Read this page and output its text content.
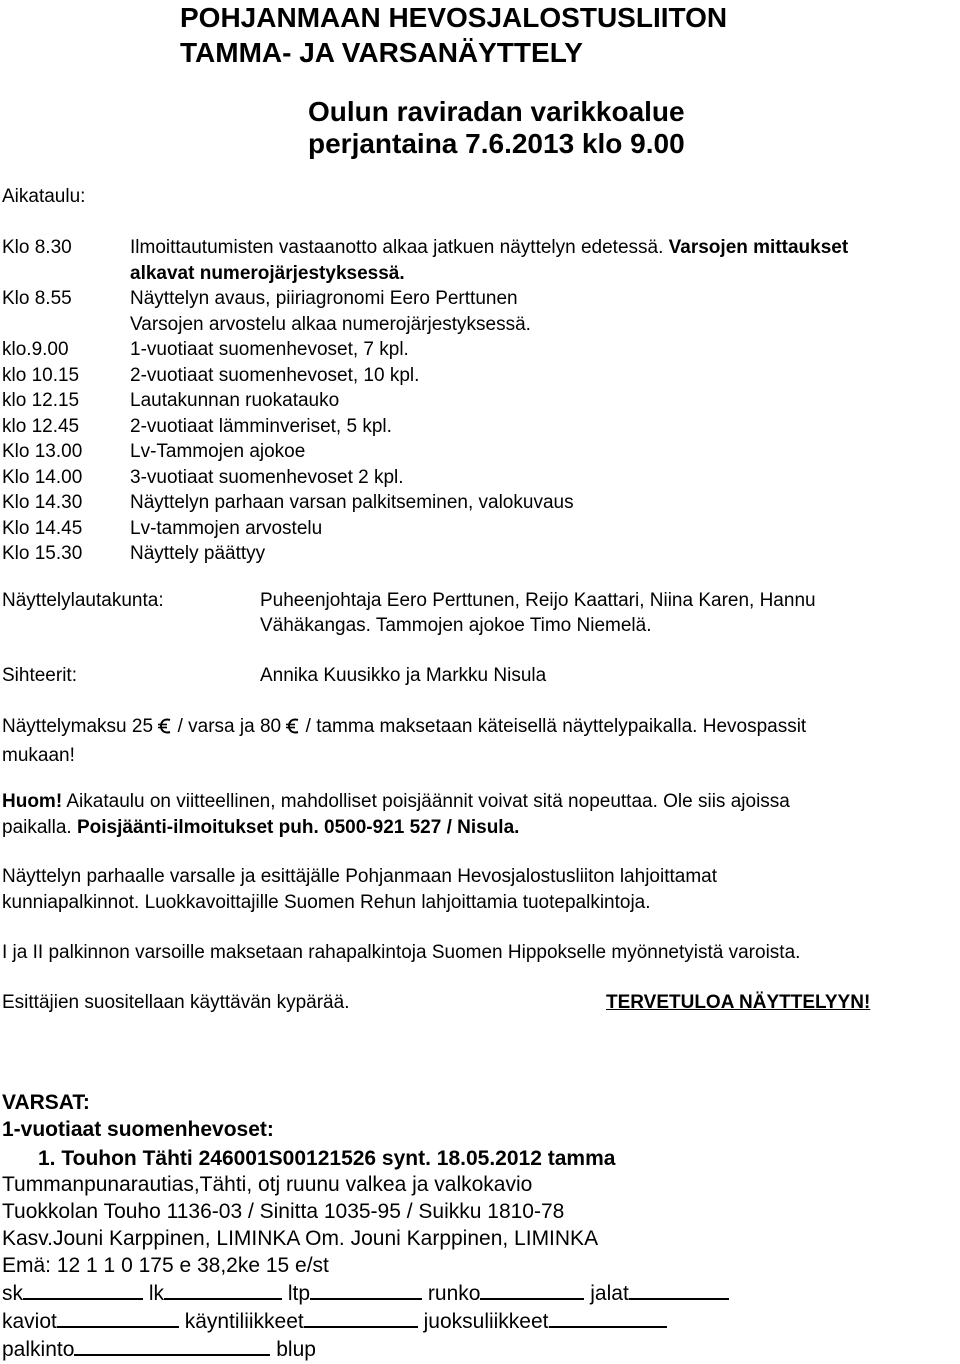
POHJANMAAN HEVOSJALOSTUSLIITON
TAMMA- JA VARSANÄYTTELY
Oulun raviradan varikkoalue
perjantaina 7.6.2013 klo 9.00
Aikataulu:
Klo 8.30	Ilmoittautumisten vastaanotto alkaa jatkuen näyttelyn edetessä. Varsojen mittaukset
alkavat numerojärjestyksessä.
Klo 8.55	Näyttelyn avaus, piiriagronomi Eero Perttunen
Varsojen arvostelu alkaa numerojärjestyksessä.
klo.9.00	1-vuotiaat suomenhevoset, 7 kpl.
klo 10.15	2-vuotiaat suomenhevoset, 10 kpl.
klo 12.15	Lautakunnan ruokatauko
klo 12.45	2-vuotiaat lämminveriset, 5 kpl.
Klo 13.00	Lv-Tammojen ajokoe
Klo 14.00	3-vuotiaat suomenhevoset 2 kpl.
Klo 14.30	Näyttelyn parhaan varsan palkitseminen, valokuvaus
Klo 14.45	Lv-tammojen arvostelu
Klo 15.30	Näyttely päättyy
Näyttelylautakunta:	Puheenjohtaja Eero Perttunen, Reijo Kaattari, Niina Karen, Hannu
Vähäkangas. Tammojen ajokoe Timo Niemelä.
Sihteerit:	Annika Kuusikko ja Markku Nisula
Näyttelymaksu 25  / varsa ja 80  / tamma maksetaan käteisellä näyttelypaikalla. Hevospassit
mukaan!
Huom! Aikataulu on viitteellinen, mahdolliset poisjäännit voivat sitä nopeuttaa. Ole siis ajoissa
paikalla. Poisjäänti-ilmoitukset puh. 0500-921 527 / Nisula.
Näyttelyn parhaalle varsalle ja esittäjälle Pohjanmaan Hevosjalostusliiton lahjoittamat
kunniapalkinnot. Luokkavoittajille Suomen Rehun lahjoittamia tuotepalkintoja.
I ja II palkinnon varsoille maksetaan rahapalkintoja Suomen Hippokselle myönnetyistä varoista.
Esittäjien suositellaan käyttävän kypärää.	TERVETULOA NÄYTTELYYN!
VARSAT:
1-vuotiaat suomenhevoset:
1. Touhon Tähti 246001S00121526 synt. 18.05.2012 tamma
Tummanpunarautias,Tähti, otj ruunu valkea ja valkokavio
Tuokkolan Touho 1136-03 / Sinitta 1035-95 / Suikku 1810-78
Kasv.Jouni Karppinen, LIMINKA Om. Jouni Karppinen, LIMINKA
Emä: 12 1 1 0 175 e 38,2ke 15 e/st
sk	lk	ltp	runko	jalat
kaviot	käyntiliikkeet	juoksuliikkeet
palkinto	blup
